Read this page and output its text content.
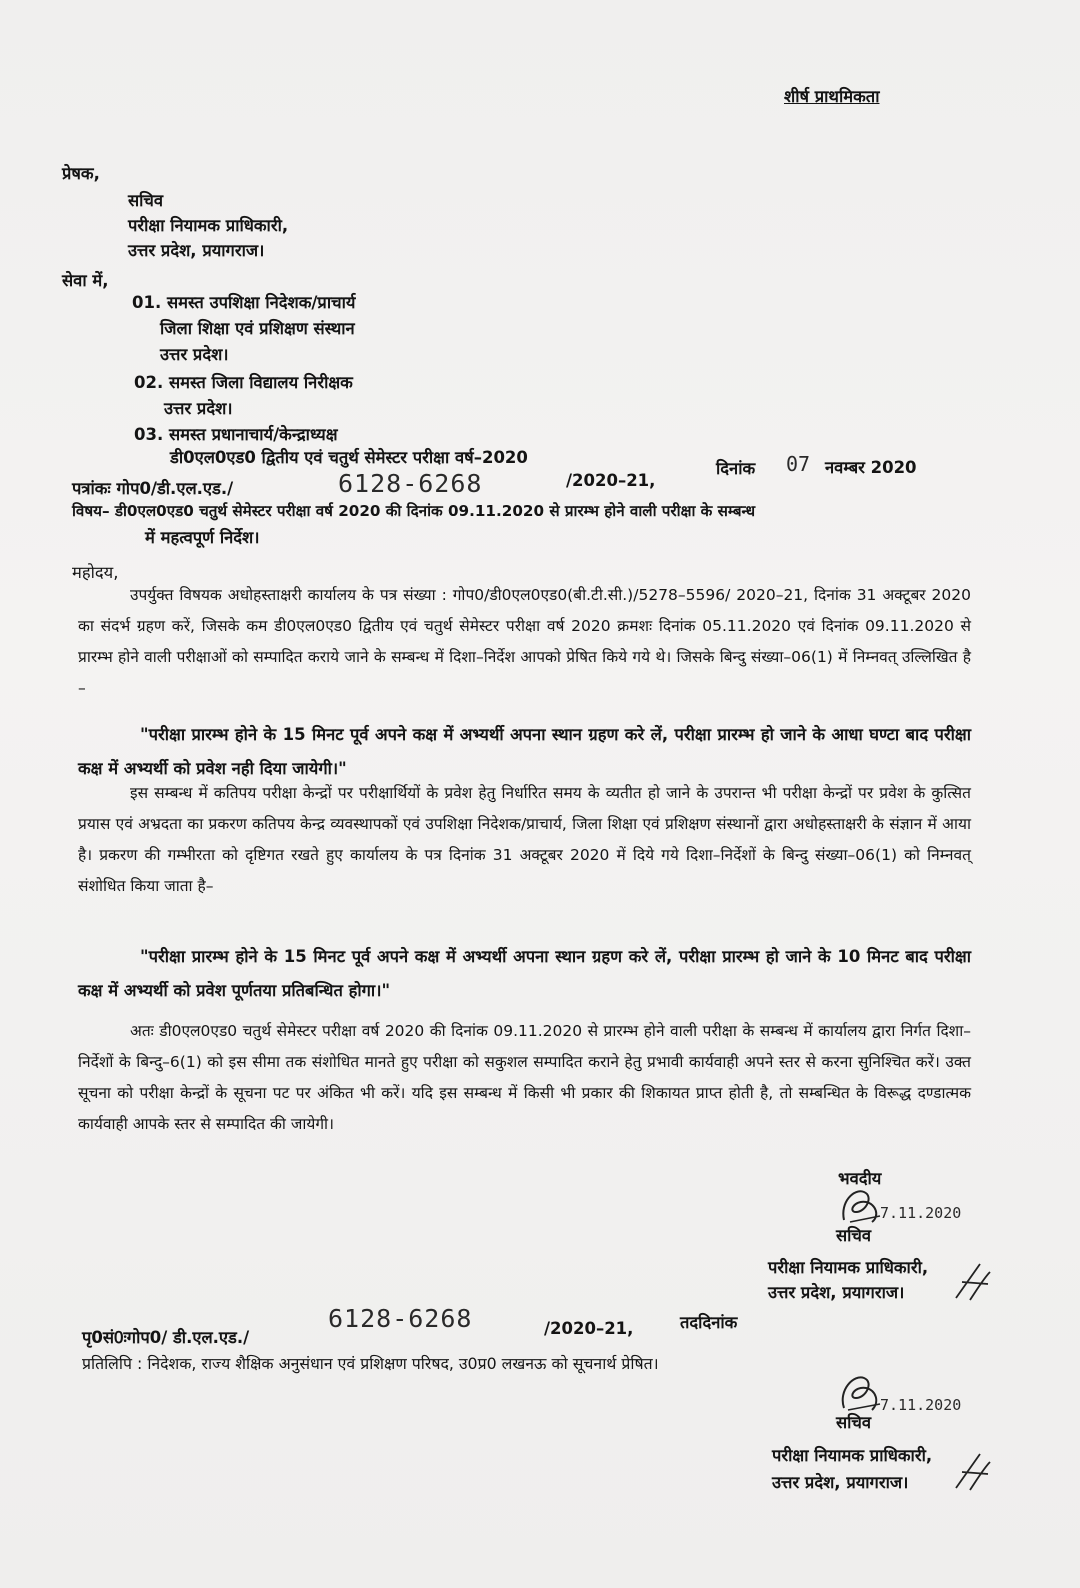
शीर्ष प्राथमिकता
प्रेषक,
सचिव
परीक्षा नियामक प्राधिकारी,
उत्तर प्रदेश, प्रयागराज।
सेवा में,
01. समस्त उपशिक्षा निदेशक/प्राचार्य
जिला शिक्षा एवं प्रशिक्षण संस्थान
उत्तर प्रदेश।
02. समस्त जिला विद्यालय निरीक्षक
उत्तर प्रदेश।
03. समस्त प्रधानाचार्य/केन्द्राध्यक्ष
डी0एल0एड0 द्वितीय एवं चतुर्थ सेमेस्टर परीक्षा वर्ष–2020
पत्रांकः गोप0/डी.एल.एड./	6128-6268	/2020–21,
दिनांक 07 नवम्बर 2020
विषय– डी0एल0एड0 चतुर्थ सेमेस्टर परीक्षा वर्ष 2020 की दिनांक 09.11.2020 से प्रारम्भ होने वाली परीक्षा के सम्बन्ध
में महत्वपूर्ण निर्देश।
महोदय,
उपर्युक्त विषयक अधोहस्ताक्षरी कार्यालय के पत्र संख्या : गोप0/डी0एल0एड0(बी.टी.सी.)/5278–5596/ 2020–21, दिनांक 31 अक्टूबर 2020 का संदर्भ ग्रहण करें, जिसके कम डी0एल0एड0 द्वितीय एवं चतुर्थ सेमेस्टर परीक्षा वर्ष 2020 क्रमशः दिनांक 05.11.2020 एवं दिनांक 09.11.2020 से प्रारम्भ होने वाली परीक्षाओं को सम्पादित कराये जाने के सम्बन्ध में दिशा–निर्देश आपको प्रेषित किये गये थे। जिसके बिन्दु संख्या–06(1) में निम्नवत् उल्लिखित है –
"परीक्षा प्रारम्भ होने के 15 मिनट पूर्व अपने कक्ष में अभ्यर्थी अपना स्थान ग्रहण करे लें, परीक्षा प्रारम्भ हो जाने के आधा घण्टा बाद परीक्षा कक्ष में अभ्यर्थी को प्रवेश नही दिया जायेगी।"
इस सम्बन्ध में कतिपय परीक्षा केन्द्रों पर परीक्षार्थियों के प्रवेश हेतु निर्धारित समय के व्यतीत हो जाने के उपरान्त भी परीक्षा केन्द्रों पर प्रवेश के कुत्सित प्रयास एवं अभ्रदता का प्रकरण कतिपय केन्द्र व्यवस्थापकों एवं उपशिक्षा निदेशक/प्राचार्य, जिला शिक्षा एवं प्रशिक्षण संस्थानों द्वारा अधोहस्ताक्षरी के संज्ञान में आया है। प्रकरण की गम्भीरता को दृष्टिगत रखते हुए कार्यालय के पत्र दिनांक 31 अक्टूबर 2020 में दिये गये दिशा–निर्देशों के बिन्दु संख्या–06(1) को निम्नवत् संशोधित किया जाता है–
"परीक्षा प्रारम्भ होने के 15 मिनट पूर्व अपने कक्ष में अभ्यर्थी अपना स्थान ग्रहण करे लें, परीक्षा प्रारम्भ हो जाने के 10 मिनट बाद परीक्षा कक्ष में अभ्यर्थी को प्रवेश पूर्णतया प्रतिबन्धित होगा।"
अतः डी0एल0एड0 चतुर्थ सेमेस्टर परीक्षा वर्ष 2020 की दिनांक 09.11.2020 से प्रारम्भ होने वाली परीक्षा के सम्बन्ध में कार्यालय द्वारा निर्गत दिशा–निर्देशों के बिन्दु–6(1) को इस सीमा तक संशोधित मानते हुए परीक्षा को सकुशल सम्पादित कराने हेतु प्रभावी कार्यवाही अपने स्तर से करना सुनिश्चित करें। उक्त सूचना को परीक्षा केन्द्रों के सूचना पट पर अंकित भी करें। यदि इस सम्बन्ध में किसी भी प्रकार की शिकायत प्राप्त होती है, तो सम्बन्धित के विरूद्ध दण्डात्मक कार्यवाही आपके स्तर से सम्पादित की जायेगी।
भवदीय
7.11.2020
सचिव
परीक्षा नियामक प्राधिकारी,
उत्तर प्रदेश, प्रयागराज।
पृ0सं0ःगोप0/ डी.एल.एड./
6128-6268	/2020–21,	तददिनांक
प्रतिलिपि : निदेशक, राज्य शैक्षिक अनुसंधान एवं प्रशिक्षण परिषद, उ0प्र0 लखनऊ को सूचनार्थ प्रेषित।
7.11.2020
सचिव
परीक्षा नियामक प्राधिकारी,
उत्तर प्रदेश, प्रयागराज।
